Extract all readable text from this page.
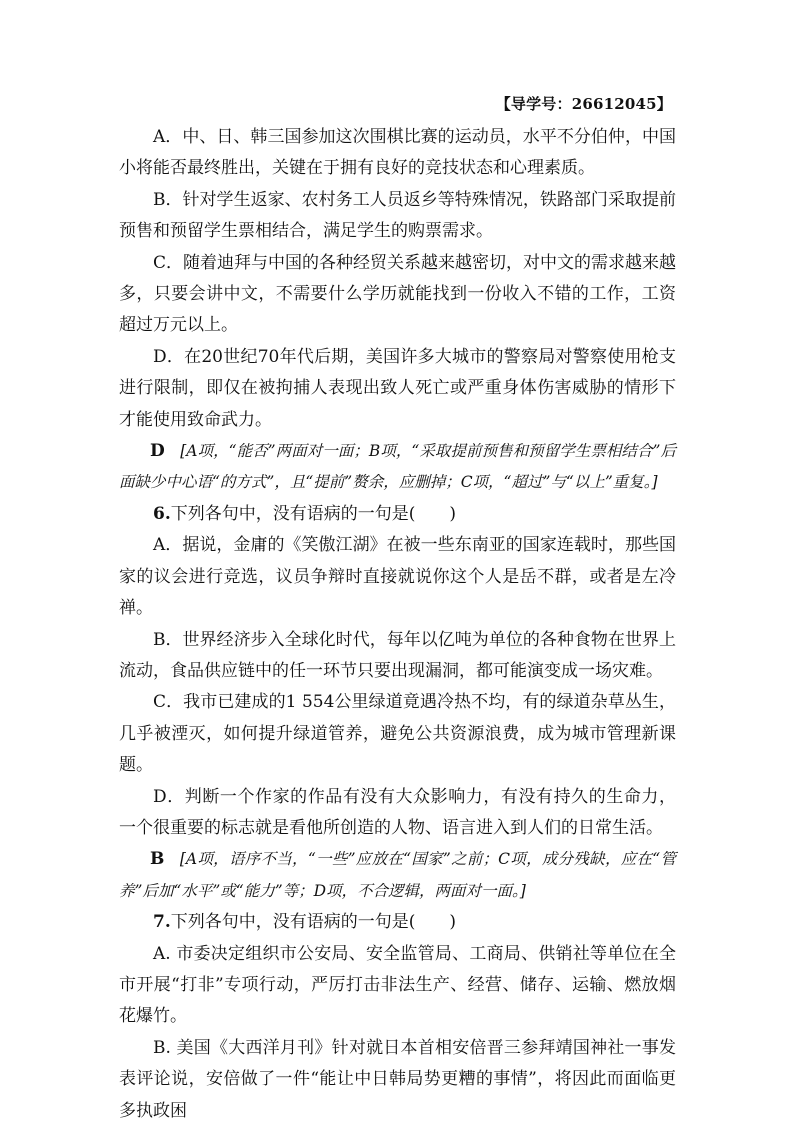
【导学号：26612045】

A．中、日、韩三国参加这次围棋比赛的运动员，水平不分伯仲，中国小将能否最终胜出，关键在于拥有良好的竞技状态和心理素质。

B．针对学生返家、农村务工人员返乡等特殊情况，铁路部门采取提前预售和预留学生票相结合，满足学生的购票需求。

C．随着迪拜与中国的各种经贸关系越来越密切，对中文的需求越来越多，只要会讲中文，不需要什么学历就能找到一份收入不错的工作，工资超过万元以上。

D．在20世纪70年代后期，美国许多大城市的警察局对警察使用枪支进行限制，即仅在被拘捕人表现出致人死亡或严重身体伤害威胁的情形下才能使用致命武力。

D  [A项，“能否”两面对一面；B项，“采取提前预售和预留学生票相结合”后面缺少中心语“的方式”，且“提前”赘余，应删掉；C项，“超过”与“以上”重复。]

6.下列各句中，没有语病的一句是(　　)

A．据说，金庸的《笑傲江湖》在被一些东南亚的国家连载时，那些国家的议会进行竞选，议员争辩时直接就说你这个人是岳不群，或者是左冷禅。

B．世界经济步入全球化时代，每年以亿吨为单位的各种食物在世界上流动，食品供应链中的任一环节只要出现漏洞，都可能演变成一场灾难。

C．我市已建成的1 554公里绿道竟遇冷热不均，有的绿道杂草丛生，几乎被湮灭，如何提升绿道管养，避免公共资源浪费，成为城市管理新课题。

D．判断一个作家的作品有没有大众影响力，有没有持久的生命力，一个很重要的标志就是看他所创造的人物、语言进入到人们的日常生活。

B  [A项，语序不当，“一些”应放在“国家”之前；C项，成分残缺，应在“管养”后加“水平”或“能力”等；D项，不合逻辑，两面对一面。]

7.下列各句中，没有语病的一句是(　　)

A. 市委决定组织市公安局、安全监管局、工商局、供销社等单位在全市开展“打非”专项行动，严厉打击非法生产、经营、储存、运输、燃放烟花爆竹。

B. 美国《大西洋月刊》针对就日本首相安倍晋三参拜靖国神社一事发表评论说，安倍做了一件“能让中日韩局势更糟的事情”，将因此而面临更多执政困
